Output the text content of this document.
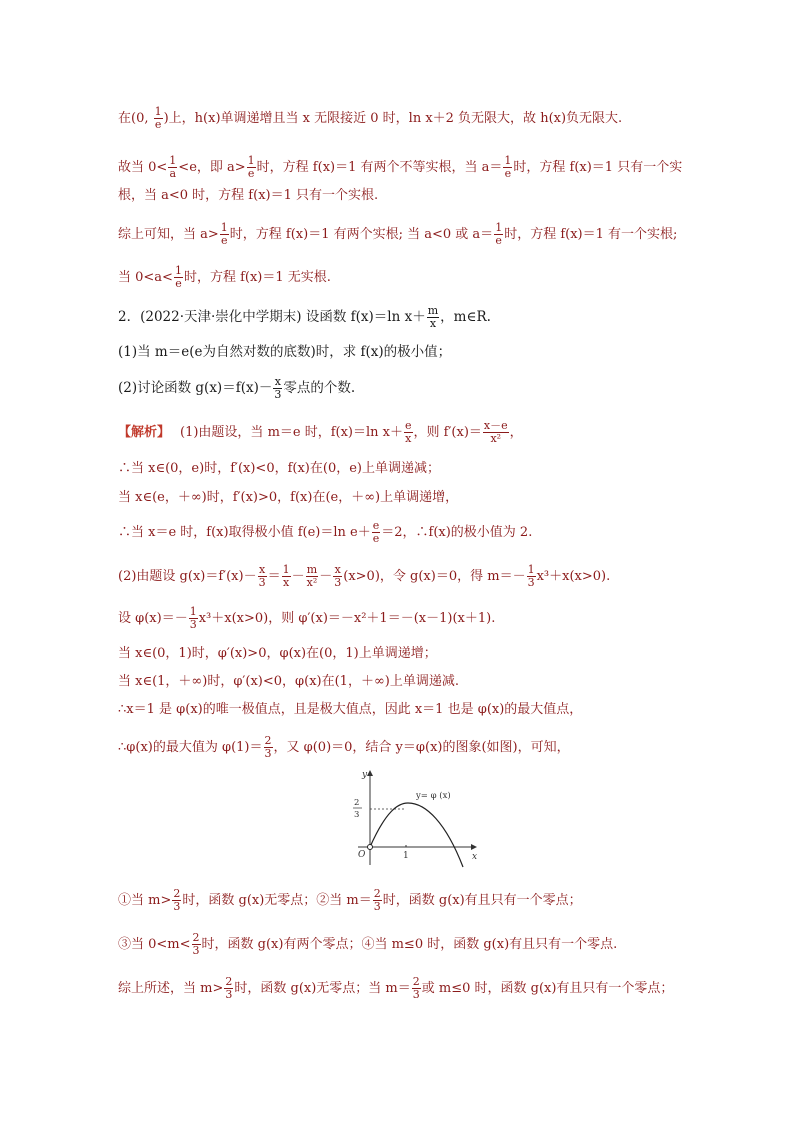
在(0, $\frac{1}{e}$ )上，h(x)单调递增且当 x 无限接近 0 时，ln x＋2 负无限大，故 h(x)负无限大.
故当 $0< \frac{1}{a} <e$，即 $a> \frac{1}{e}$ 时，方程 f(x)＝1 有两个不等实根，当 $a= \frac{1}{e}$ 时，方程 f(x)＝1 只有一个实
根，当 a<0 时，方程 f(x)＝1 只有一个实根.
综上可知，当 $a> \frac{1}{e}$ 时，方程 f(x)＝1 有两个实根; 当 a<0 或 $a= \frac{1}{e}$ 时，方程 f(x)＝1 有一个实根;
当 $0<a< \frac{1}{e}$ 时，方程 f(x)＝1 无实根.
2．(2022·天津·崇化中学期末) 设函数 f(x)＝ln $x+ \frac{m}{x}$ ，m∈R.
(1)当 m＝e(e为自然对数的底数)时，求 f(x)的极小值；
(2)讨论函数 $g(x)=f(x)- \frac{x}{3}$ 零点的个数.
【解析】 (1)由题设，当 m＝e 时，f(x)＝ln $x+ \frac{e}{x}$ ，则 $f'(x)= \frac{x-e}{\text{x²}}$ ，
∴当 x∈(0，e)时，f′(x)<0，f(x)在(0，e)上单调递减；
当 x∈(e，＋∞)时，f′(x)>0，f(x)在(e，＋∞)上单调递增，
∴当 x＝e 时，f(x)取得极小值 f(e)＝ln $e+ \frac{e}{e} =2$，∴f(x)的极小值为 2.
(2)由题设 $g(x)=f'(x)- \frac{x}{3} = \frac{1}{x} - \frac{m}{\text{x²}} - \frac{x}{3} (x>0)$，令 g(x)＝0，得 $m=- \frac{1}{3} x^3+x(x>0)$.
设 $\varphi(x)=- \frac{1}{3} x^3+x(x>0)$，则 φ′(x)＝－x²＋1＝－(x－1)(x＋1).
当 x∈(0，1)时，φ′(x)>0，φ(x)在(0，1)上单调递增；
当 x∈(1，＋∞)时，φ′(x)<0，φ(x)在(1，＋∞)上单调递减.
∴x＝1 是 φ(x)的唯一极值点，且是极大值点，因此 x＝1 也是 φ(x)的最大值点，
∴φ(x)的最大值为 $\varphi(1)= \frac{2}{3}$ ，又 φ(0)＝0，结合 y＝φ(x)的图象(如图)，可知，
y
x
O	1
2
3
y= φ (x)
①当 $m> \frac{2}{3}$ 时，函数 g(x)无零点；②当 $m= \frac{2}{3}$ 时，函数 g(x)有且只有一个零点；
③当 $0<m< \frac{2}{3}$ 时，函数 g(x)有两个零点；④当 m≤0 时，函数 g(x)有且只有一个零点.
综上所述，当 $m> \frac{2}{3}$ 时，函数 g(x)无零点；当 $m= \frac{2}{3}$ 或 m≤0 时，函数 g(x)有且只有一个零点；
